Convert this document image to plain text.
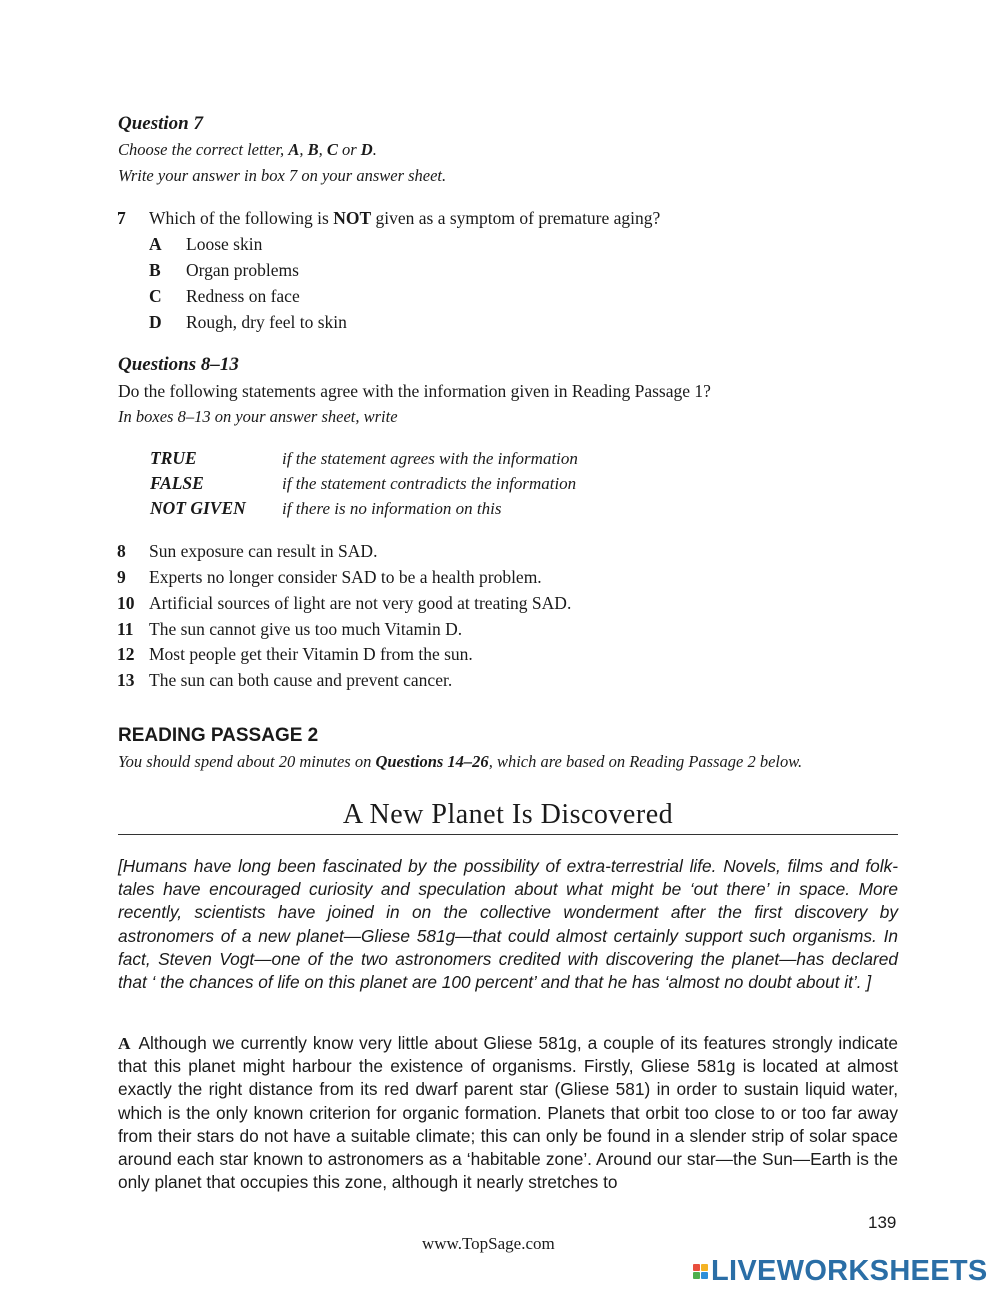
Question 7
Choose the correct letter, A, B, C or D.
Write your answer in box 7 on your answer sheet.
7 Which of the following is NOT given as a symptom of premature aging?
A Loose skin
B Organ problems
C Redness on face
D Rough, dry feel to skin
Questions 8–13
Do the following statements agree with the information given in Reading Passage 1?
In boxes 8–13 on your answer sheet, write
TRUE	if the statement agrees with the information
FALSE	if the statement contradicts the information
NOT GIVEN if there is no information on this
8 Sun exposure can result in SAD.
9 Experts no longer consider SAD to be a health problem.
10 Artificial sources of light are not very good at treating SAD.
11 The sun cannot give us too much Vitamin D.
12 Most people get their Vitamin D from the sun.
13 The sun can both cause and prevent cancer.
READING PASSAGE 2
You should spend about 20 minutes on Questions 14–26, which are based on Reading Passage 2 below.
A New Planet Is Discovered
[Humans have long been fascinated by the possibility of extra-terrestrial life. Novels, films and folk-tales have encouraged curiosity and speculation about what might be ‘out there’ in space. More recently, scientists have joined in on the collective wonderment after the first discovery by astronomers of a new planet—Gliese 581g—that could almost certainly support such organisms. In fact, Steven Vogt—one of the two astronomers credited with discovering the planet—has declared that ‘ the chances of life on this planet are 100 percent’ and that he has ‘almost no doubt about it’. ]
A Although we currently know very little about Gliese 581g, a couple of its features strongly indicate that this planet might harbour the existence of organisms. Firstly, Gliese 581g is located at almost exactly the right distance from its red dwarf parent star (Gliese 581) in order to sustain liquid water, which is the only known criterion for organic formation. Planets that orbit too close to or too far away from their stars do not have a suitable climate; this can only be found in a slender strip of solar space around each star known to astronomers as a ‘habitable zone’. Around our star—the Sun—Earth is the only planet that occupies this zone, although it nearly stretches to
139
www.TopSage.com
LIVEWORKSHEETS
